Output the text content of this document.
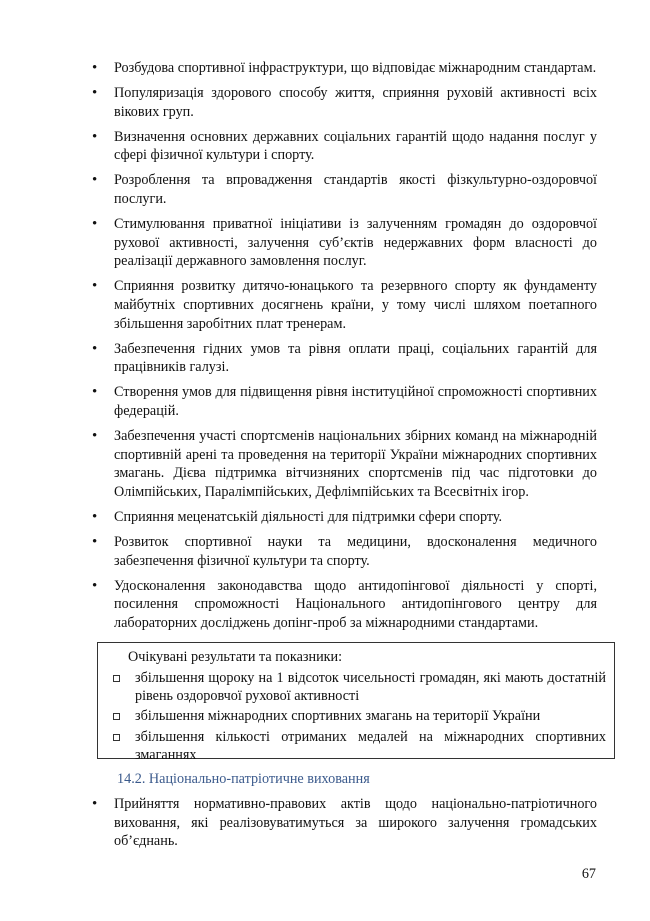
• Розбудова спортивної інфраструктури, що відповідає міжнародним стандартам.
• Популяризація здорового способу життя, сприяння руховій активності всіх вікових груп.
• Визначення основних державних соціальних гарантій щодо надання послуг у сфері фізичної культури і спорту.
• Розроблення та впровадження стандартів якості фізкультурно-оздоровчої послуги.
• Стимулювання приватної ініціативи із залученням громадян до оздоровчої рухової активності, залучення суб’єктів недержавних форм власності до реалізації державного замовлення послуг.
• Сприяння розвитку дитячо-юнацького та резервного спорту як фундаменту майбутніх спортивних досягнень країни, у тому числі шляхом поетапного збільшення заробітних плат тренерам.
• Забезпечення гідних умов та рівня оплати праці, соціальних гарантій для працівників галузі.
• Створення умов для підвищення рівня інституційної спроможності спортивних федерацій.
• Забезпечення участі спортсменів національних збірних команд на міжнародній спортивній арені та проведення на території України міжнародних спортивних змагань. Дієва підтримка вітчизняних спортсменів під час підготовки до Олімпійських, Паралімпійських, Дефлімпійських та Всесвітніх ігор.
• Сприяння меценатській діяльності для підтримки сфери спорту.
• Розвиток спортивної науки та медицини, вдосконалення медичного забезпечення фізичної культури та спорту.
• Удосконалення законодавства щодо антидопінгової діяльності у спорті, посилення спроможності Національного антидопінгового центру для лабораторних досліджень допінг-проб за міжнародними стандартами.
Очікувані результати та показники:
збільшення щороку на 1 відсоток чисельності громадян, які мають достатній рівень оздоровчої рухової активності
збільшення міжнародних спортивних змагань на території України
збільшення кількості отриманих медалей на міжнародних спортивних змаганнях
14.2. Національно-патріотичне виховання
• Прийняття нормативно-правових актів щодо національно-патріотичного виховання, які реалізовуватимуться за широкого залучення громадських об’єднань.
67
